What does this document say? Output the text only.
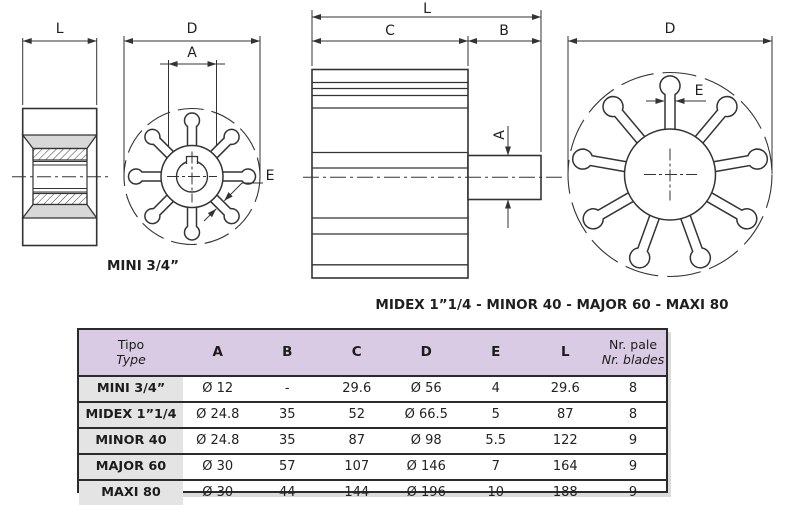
L	D
A
E
L
C	B
A
D
E
MINI 3/4”
MIDEX 1”1/4 - MINOR 40 - MAJOR 60 - MAXI 80
Tipo
Type	A	B	C	D	E	L	Nr. pale
Nr. blades
MINI 3/4”	Ø 12	-	29.6	Ø 56	4	29.6	8
MIDEX 1”1/4	Ø 24.8	35	52	Ø 66.5	5	87	8
MINOR 40	Ø 24.8	35	87	Ø 98	5.5	122	9
MAJOR 60	Ø 30	57	107	Ø 146	7	164	9
MAXI 80	Ø 30	44	144	Ø 196	10	188	9
